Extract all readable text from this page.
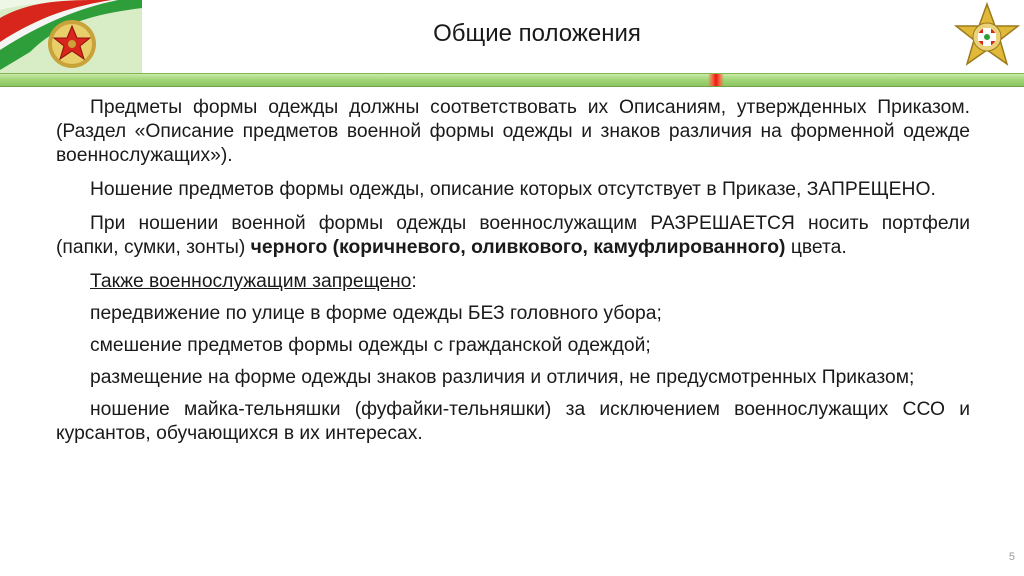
Общие положения

Предметы формы одежды должны соответствовать их Описаниям, утвержденных Приказом. (Раздел «Описание предметов военной формы одежды и знаков различия на форменной одежде военнослужащих»).

Ношение предметов формы одежды, описание которых отсутствует в Приказе, ЗАПРЕЩЕНО.

При ношении военной формы одежды военнослужащим РАЗРЕШАЕТСЯ носить портфели (папки, сумки, зонты) черного (коричневого, оливкового, камуфлированного) цвета.

Также военнослужащим запрещено:

передвижение по улице в форме одежды БЕЗ головного убора;

смешение предметов формы одежды с гражданской одеждой;

размещение на форме одежды знаков различия и отличия, не предусмотренных Приказом;

ношение майка-тельняшки (фуфайки-тельняшки) за исключением военнослужащих ССО и курсантов, обучающихся в их интересах.

5
